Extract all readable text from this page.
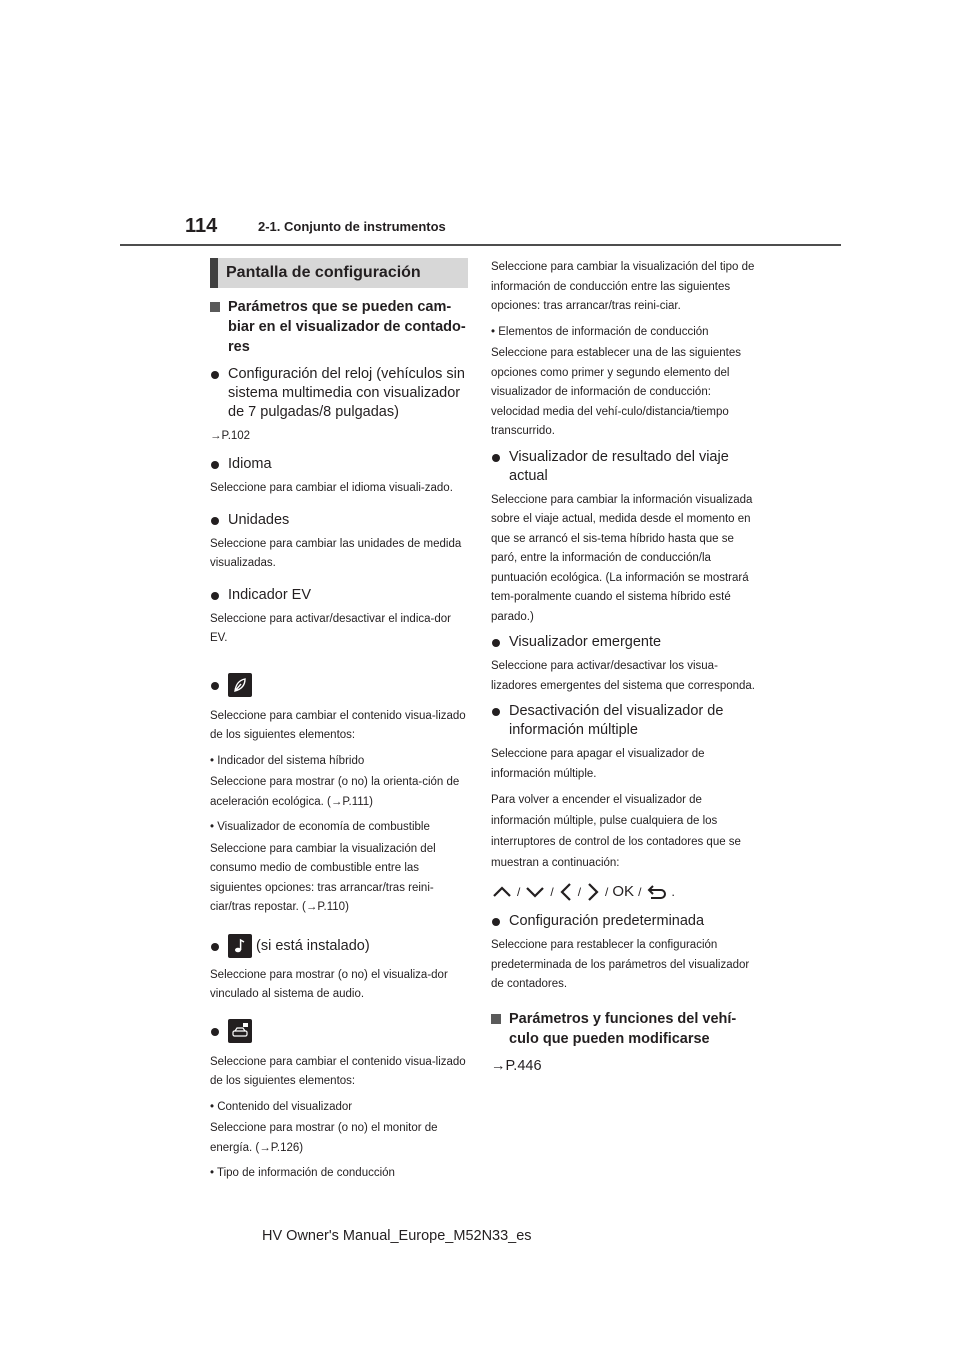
114	2-1. Conjunto de instrumentos
Pantalla de configuración
Parámetros que se pueden cam-biar en el visualizador de contado-res
Configuración del reloj (vehículos sin sistema multimedia con visualizador de 7 pulgadas/8 pulgadas)
→P.102
Idioma
Seleccione para cambiar el idioma visuali-zado.
Unidades
Seleccione para cambiar las unidades de medida visualizadas.
Indicador EV
Seleccione para activar/desactivar el indica-dor EV.
Seleccione para cambiar el contenido visua-lizado de los siguientes elementos:
• Indicador del sistema híbrido
Seleccione para mostrar (o no) la orienta-ción de aceleración ecológica. (→P.111)
• Visualizador de economía de combustible
Seleccione para cambiar la visualización del consumo medio de combustible entre las siguientes opciones: tras arrancar/tras reini-ciar/tras repostar. (→P.110)
(si está instalado)
Seleccione para mostrar (o no) el visualiza-dor vinculado al sistema de audio.
Seleccione para cambiar el contenido visua-lizado de los siguientes elementos:
• Contenido del visualizador
Seleccione para mostrar (o no) el monitor de energía. (→P.126)
• Tipo de información de conducción
Seleccione para cambiar la visualización del tipo de información de conducción entre las siguientes opciones: tras arrancar/tras reini-ciar.
• Elementos de información de conducción
Seleccione para establecer una de las siguientes opciones como primer y segundo elemento del visualizador de información de conducción: velocidad media del vehí-culo/distancia/tiempo transcurrido.
Visualizador de resultado del viaje actual
Seleccione para cambiar la información visualizada sobre el viaje actual, medida desde el momento en que se arrancó el sis-tema híbrido hasta que se paró, entre la información de conducción/la puntuación ecológica. (La información se mostrará tem-poralmente cuando el sistema híbrido esté parado.)
Visualizador emergente
Seleccione para activar/desactivar los visua-lizadores emergentes del sistema que corresponda.
Desactivación del visualizador de información múltiple
Seleccione para apagar el visualizador de información múltiple.
Para volver a encender el visualizador de información múltiple, pulse cualquiera de los interruptores de control de los contadores que se muestran a continuación:
/	/ / / OK / .
Configuración predeterminada
Seleccione para restablecer la configuración predeterminada de los parámetros del visualizador de contadores.
Parámetros y funciones del vehí-culo que pueden modificarse
→P.446
HV Owner's Manual_Europe_M52N33_es
